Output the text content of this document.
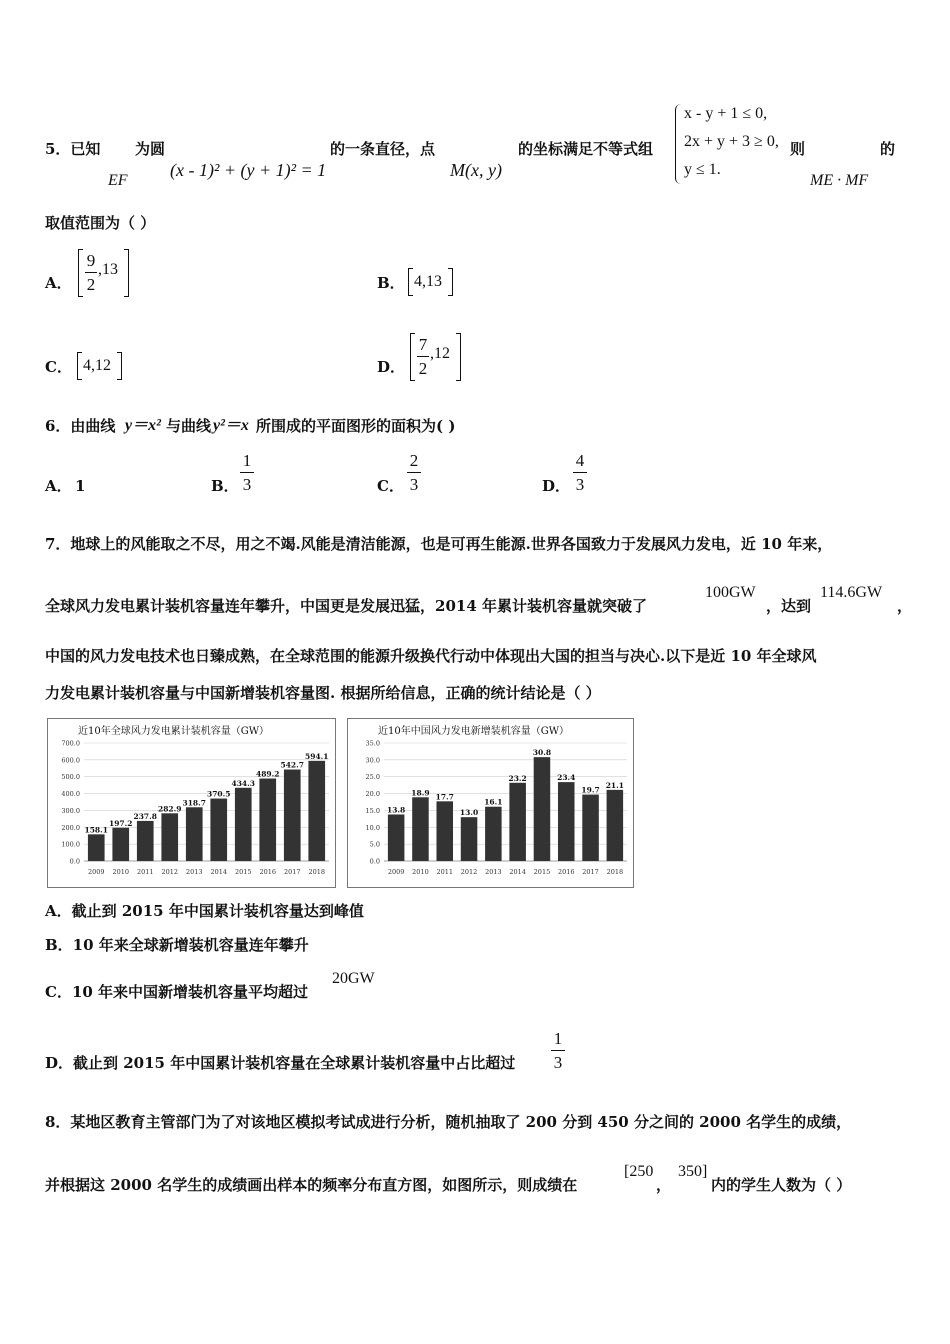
5．已知
EF
为圆
(x - 1)² + (y + 1)² = 1
的一条直径，点
M(x, y)
的坐标满足不等式组
x - y + 1 ≤ 0,
2x + y + 3 ≥ 0,
y ≤ 1.
则
ME · MF
的
取值范围为（ ）
A．
9
2
,13
B． 4,13
C． 4,12	D．
7
2
,12
6．由曲线 y＝x² 与曲线 y²＝x 所围成的平面图形的面积为( )
A． 1	B．
1
3	C．
2
3	D．
4
3
7．地球上的风能取之不尽，用之不竭.风能是清洁能源，也是可再生能源.世界各国致力于发展风力发电，近 10 年来，
全球风力发电累计装机容量连年攀升，中国更是发展迅猛，2014 年累计装机容量就突破了
100GW
，达到
114.6GW
，
中国的风力发电技术也日臻成熟，在全球范围的能源升级换代行动中体现出大国的担当与决心.以下是近 10 年全球风
力发电累计装机容量与中国新增装机容量图. 根据所给信息，正确的统计结论是（ ）
近10年全球风力发电累计装机容量（GW）
0.0
100.0
200.0
300.0
400.0
500.0
600.0
700.0
158.1
2009
197.2
2010
237.8
2011
282.9
2012
318.7
2013
370.5
2014
434.3
2015
489.2
2016
542.7
2017
594.1
2018
近10年中国风力发电新增装机容量（GW）
0.0
5.0
10.0
15.0
20.0
25.0
30.0
35.0
13.8
2009
18.9
2010
17.7
2011
13.0
2012
16.1
2013
23.2
2014
30.8
2015
23.4
2016
19.7
2017
21.1
2018
A．截止到 2015 年中国累计装机容量达到峰值
B．10 年来全球新增装机容量连年攀升
C．10 年来中国新增装机容量平均超过
20GW
D．截止到 2015 年中国累计装机容量在全球累计装机容量中占比超过
1
3
8．某地区教育主管部门为了对该地区模拟考试成进行分析，随机抽取了 200 分到 450 分之间的 2000 名学生的成绩，
并根据这 2000 名学生的成绩画出样本的频率分布直方图，如图所示，则成绩在
[250
，
350]
内的学生人数为（ ）
